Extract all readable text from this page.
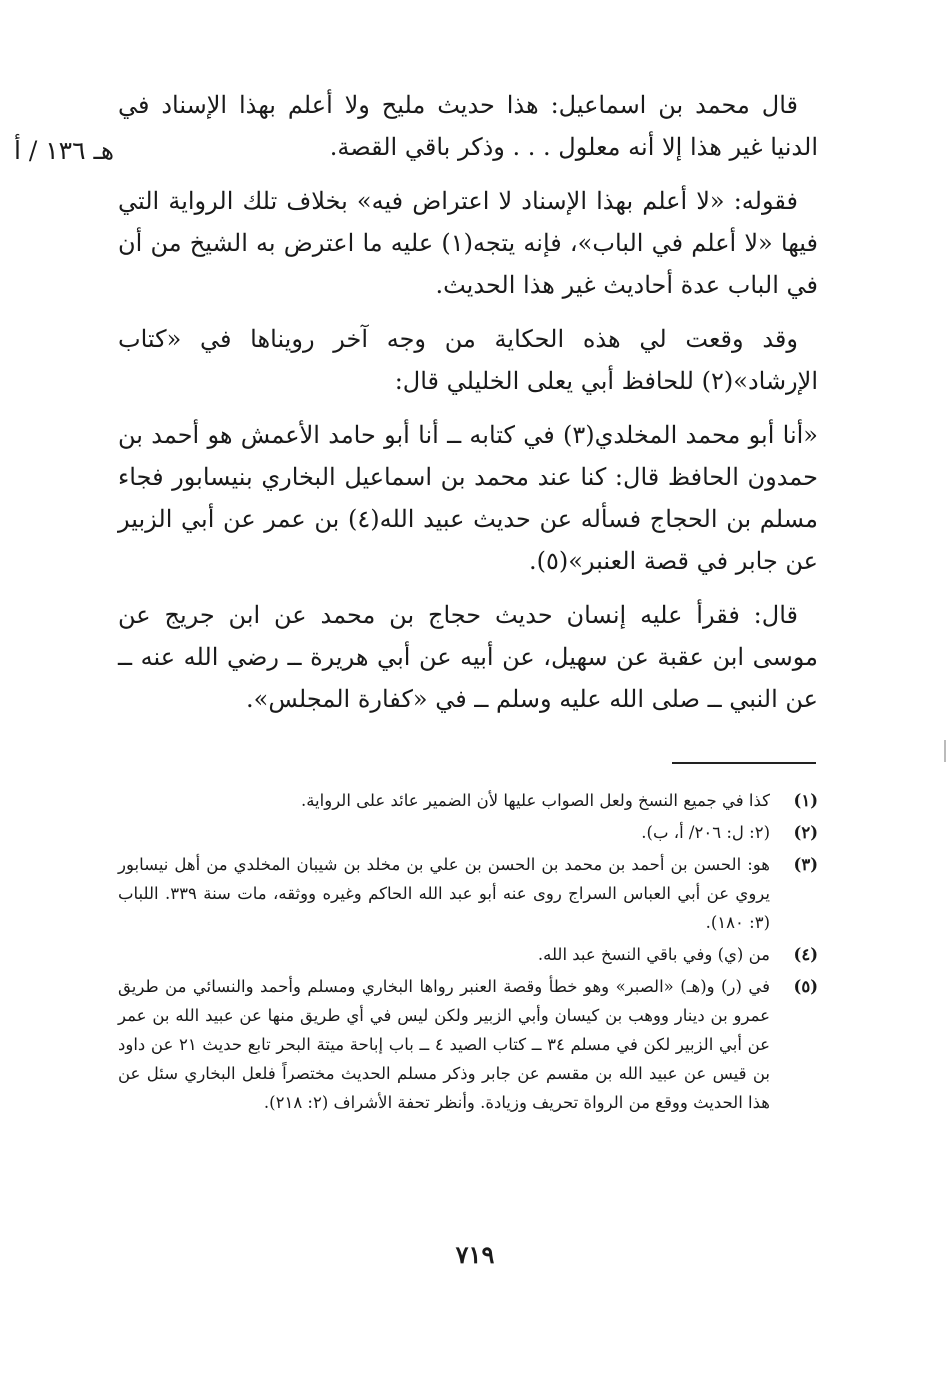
هـ ١٣٦ / أ

قال محمد بن اسماعيل: هذا حديث مليح ولا أعلم بهذا الإسناد في الدنيا غير هذا إلا أنه معلول . . . وذكر باقي القصة.

فقوله: «لا أعلم بهذا الإسناد لا اعتراض فيه» بخلاف تلك الرواية التي فيها «لا أعلم في الباب»، فإنه يتجه(١) عليه ما اعترض به الشيخ من أن في الباب عدة أحاديث غير هذا الحديث.

وقد وقعت لي هذه الحكاية من وجه آخر رويناها في «كتاب الإرشاد»(٢) للحافظ أبي يعلى الخليلي قال:

«أنا أبو محمد المخلدي(٣) في كتابه ــ أنا أبو حامد الأعمش هو أحمد بن حمدون الحافظ قال: كنا عند محمد بن اسماعيل البخاري بنيسابور فجاء مسلم بن الحجاج فسأله عن حديث عبيد الله(٤) بن عمر عن أبي الزبير عن جابر في قصة العنبر»(٥).

قال: فقرأ عليه إنسان حديث حجاج بن محمد عن ابن جريج عن موسى ابن عقبة عن سهيل، عن أبيه عن أبي هريرة ــ رضي الله عنه ــ عن النبي ــ صلى الله عليه وسلم ــ في «كفارة المجلس».

(١)
كذا في جميع النسخ ولعل الصواب عليها لأن الضمير عائد على الرواية.
(٢)
(٢: ل: ٢٠٦/ أ، ب).
(٣)
هو: الحسن بن أحمد بن محمد بن الحسن بن علي بن مخلد بن شيبان المخلدي من أهل نيسابور يروي عن أبي العباس السراج روى عنه أبو عبد الله الحاكم وغيره ووثقه، مات سنة ٣٣٩. اللباب (٣: ١٨٠).
(٤)
من (ي) وفي باقي النسخ عبد الله.
(٥)
في (ر) و(هـ) «الصبر» وهو خطأ وقصة العنبر رواها البخاري ومسلم وأحمد والنسائي من طريق عمرو بن دينار ووهب بن كيسان وأبي الزبير ولكن ليس في أي طريق منها عن عبيد الله بن عمر عن أبي الزبير لكن في مسلم ٣٤ ــ كتاب الصيد ٤ ــ باب إباحة ميتة البحر تابع حديث ٢١ عن داود بن قيس عن عبيد الله بن مقسم عن جابر وذكر مسلم الحديث مختصراً فلعل البخاري سئل عن هذا الحديث ووقع من الرواة تحريف وزيادة. وأنظر تحفة الأشراف (٢: ٢١٨).
٧١٩
